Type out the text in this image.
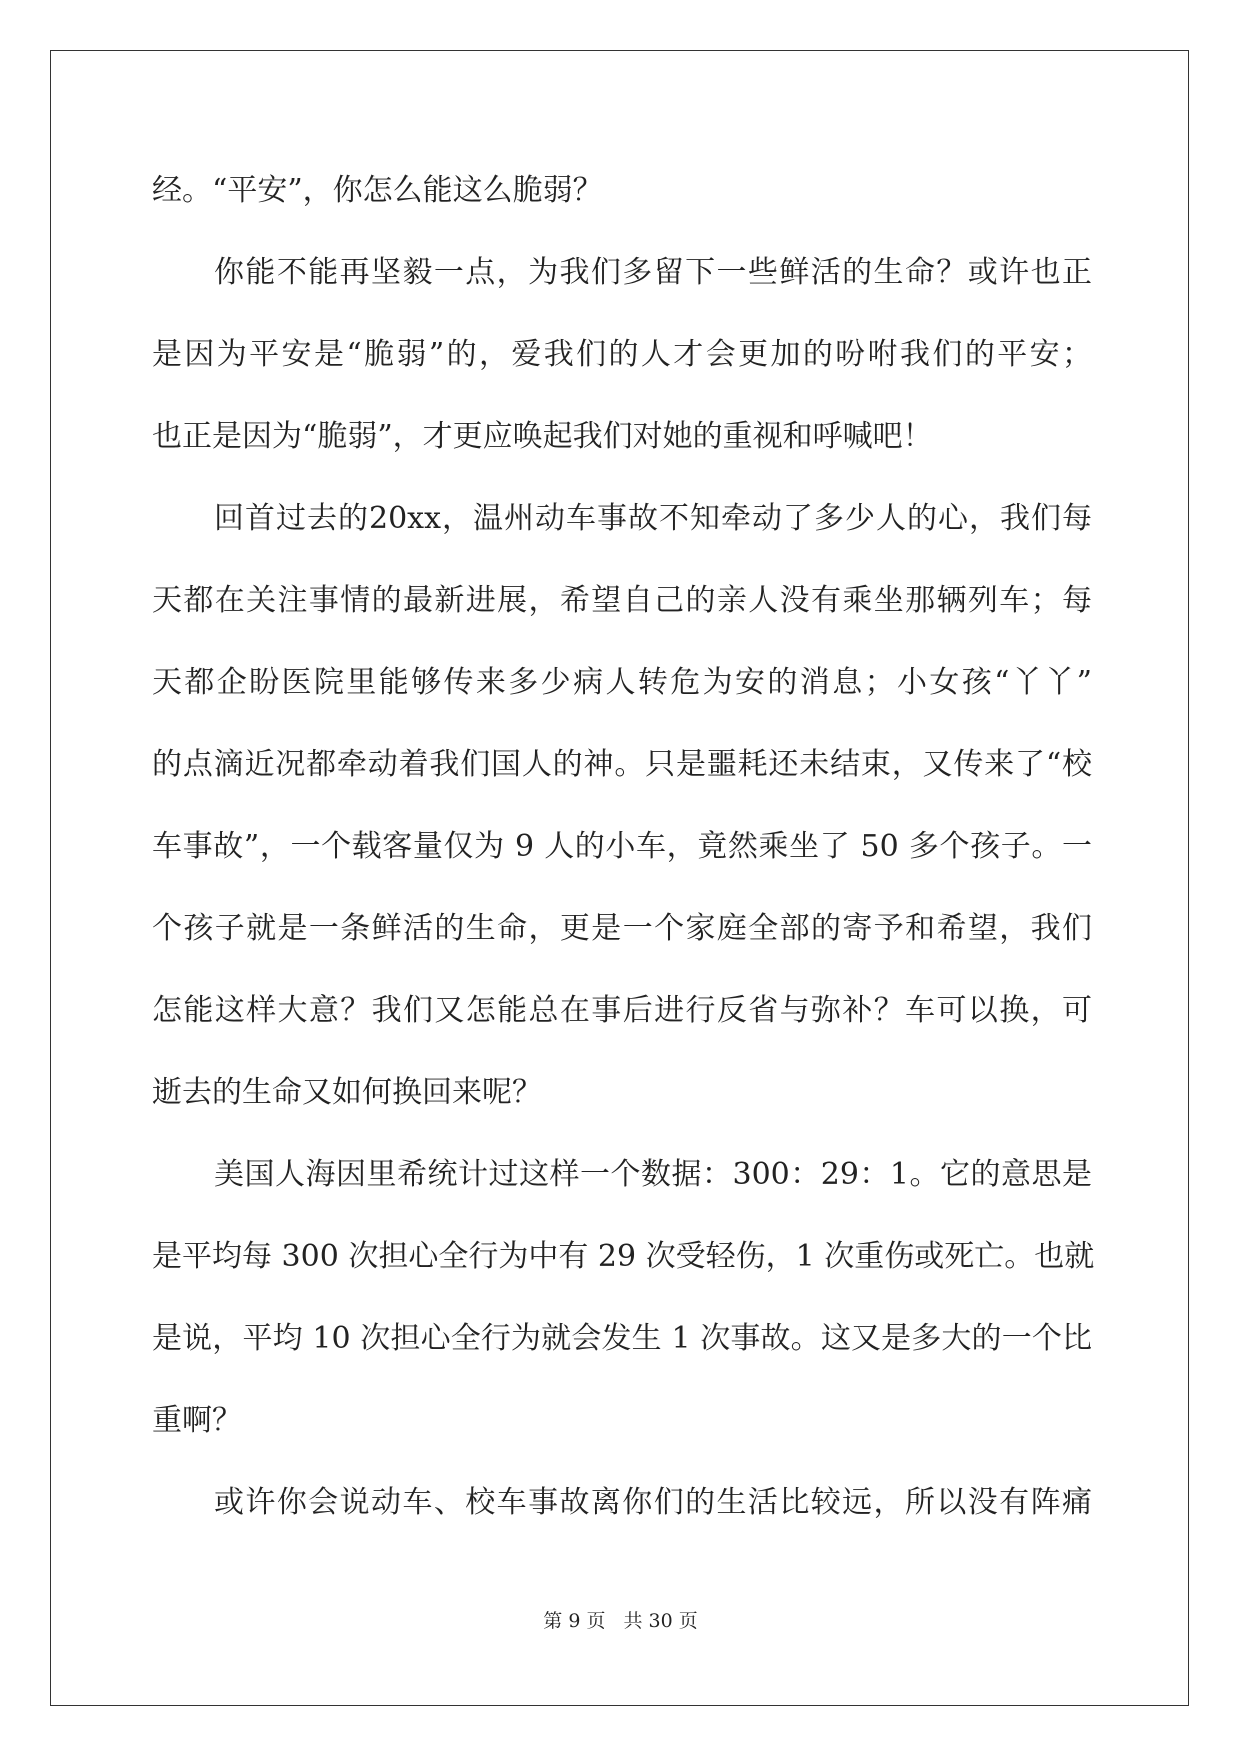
经。“平安”，你怎么能这么脆弱？
你能不能再坚毅一点，为我们多留下一些鲜活的生命？或许也正
是因为平安是“脆弱”的，爱我们的人才会更加的吩咐我们的平安；
也正是因为“脆弱”，才更应唤起我们对她的重视和呼喊吧！
回首过去的20xx，温州动车事故不知牵动了多少人的心，我们每
天都在关注事情的最新进展，希望自己的亲人没有乘坐那辆列车；每
天都企盼医院里能够传来多少病人转危为安的消息；小女孩“丫丫”
的点滴近况都牵动着我们国人的神。只是噩耗还未结束，又传来了“校
车事故”，一个载客量仅为 9 人的小车，竟然乘坐了 50 多个孩子。一
个孩子就是一条鲜活的生命，更是一个家庭全部的寄予和希望，我们
怎能这样大意？我们又怎能总在事后进行反省与弥补？车可以换，可
逝去的生命又如何换回来呢？
美国人海因里希统计过这样一个数据：300：29：1。它的意思是
是平均每 300 次担心全行为中有 29 次受轻伤，1 次重伤或死亡。也就
是说，平均 10 次担心全行为就会发生 1 次事故。这又是多大的一个比
重啊？
或许你会说动车、校车事故离你们的生活比较远，所以没有阵痛
第 9 页 共 30 页
